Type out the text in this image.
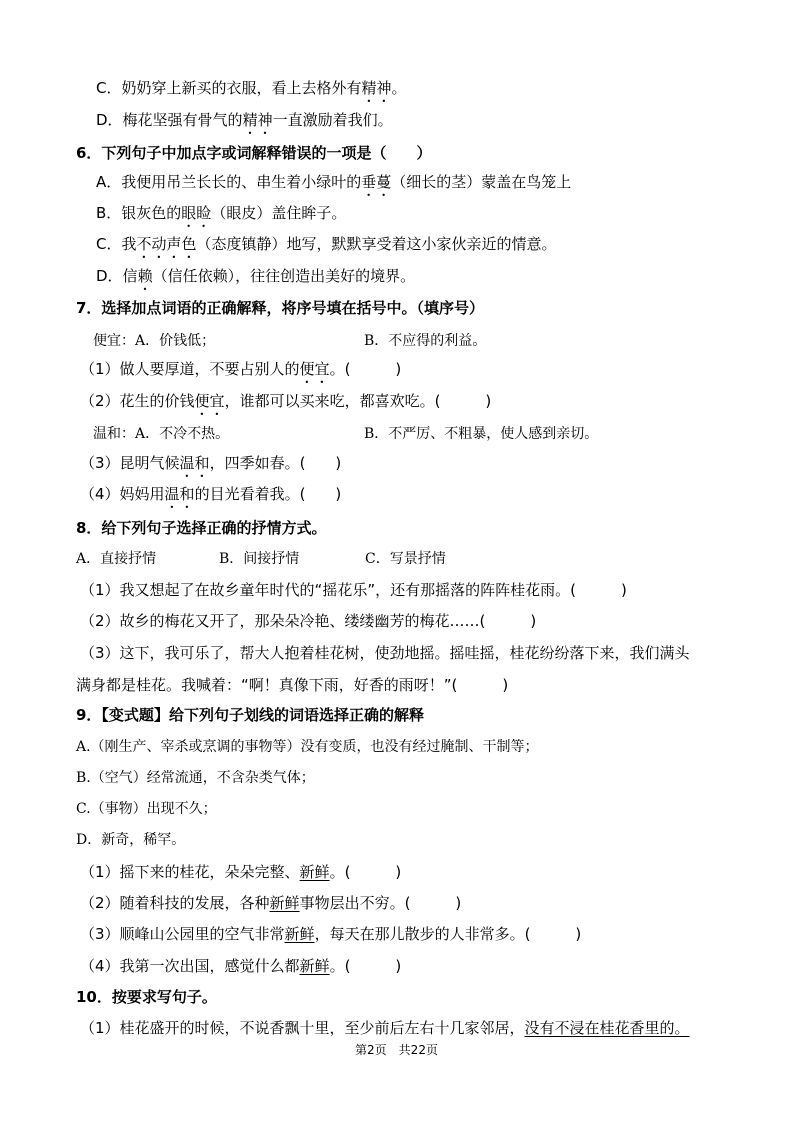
C．奶奶穿上新买的衣服，看上去格外有精神。
D．梅花坚强有骨气的精神一直激励着我们。
6．下列句子中加点字或词解释错误的一项是（　　）
A．我便用吊兰长长的、串生着小绿叶的垂蔓（细长的茎）蒙盖在鸟笼上
B．银灰色的眼睑（眼皮）盖住眸子。
C．我不动声色（态度镇静）地写，默默享受着这小家伙亲近的情意。
D．信赖（信任依赖），往往创造出美好的境界。
7．选择加点词语的正确解释，将序号填在括号中。（填序号）
便宜：A．价钱低；	B．不应得的利益。
（1）做人要厚道，不要占别人的便宜。(　　　)
（2）花生的价钱便宜，谁都可以买来吃，都喜欢吃。(　　　)
温和：A．不冷不热。	B．不严厉、不粗暴，使人感到亲切。
（3）昆明气候温和，四季如春。(　　)
（4）妈妈用温和的目光看着我。(　　)
8．给下列句子选择正确的抒情方式。
A．直接抒情	B．间接抒情	C．写景抒情
（1）我又想起了在故乡童年时代的“摇花乐”，还有那摇落的阵阵桂花雨。(　　　)
（2）故乡的梅花又开了，那朵朵冷艳、缕缕幽芳的梅花……(　　　)
（3）这下，我可乐了，帮大人抱着桂花树，使劲地摇。摇哇摇，桂花纷纷落下来，我们满头
满身都是桂花。我喊着：“啊！真像下雨，好香的雨呀！”(　　　)
9．【变式题】给下列句子划线的词语选择正确的解释
A.（刚生产、宰杀或烹调的事物等）没有变质，也没有经过腌制、干制等；
B.（空气）经常流通，不含杂类气体；
C.（事物）出现不久；
D．新奇，稀罕。
（1）摇下来的桂花，朵朵完整、新鲜。(　　　)
（2）随着科技的发展，各种新鲜事物层出不穷。(　　　)
（3）顺峰山公园里的空气非常新鲜，每天在那儿散步的人非常多。(　　　)
（4）我第一次出国，感觉什么都新鲜。(　　　)
10．按要求写句子。
（1）桂花盛开的时候，不说香飘十里，至少前后左右十几家邻居，没有不浸在桂花香里的。
第2页　共22页
